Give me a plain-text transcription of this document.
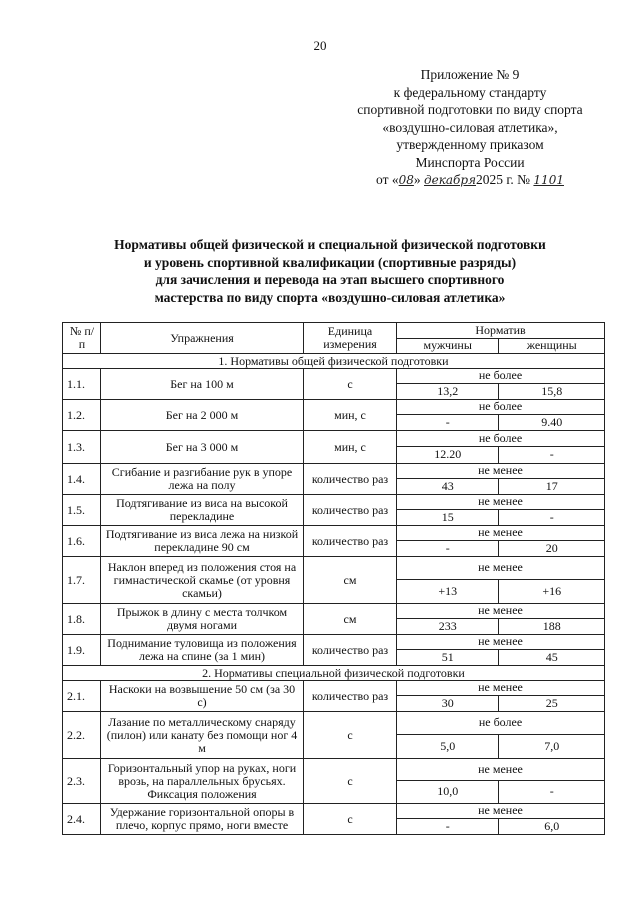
20
Приложение № 9
к федеральному стандарту
спортивной подготовки по виду спорта
«воздушно-силовая атлетика»,
утвержденному приказом
Минспорта России
от «08» декабря2025 г. № 1101
Нормативы общей физической и специальной физической подготовки
и уровень спортивной квалификации (спортивные разряды)
для зачисления и перевода на этап высшего спортивного
мастерства по виду спорта «воздушно-силовая атлетика»
№ п/п	Упражнения	Единица измерения	Норматив	
			мужчины	женщины
1. Нормативы общей физической подготовки				
1.1.	Бег на 100 м	с	не более	
			13,2	15,8
1.2.	Бег на 2 000 м	мин, с	не более	
			-	9.40
1.3.	Бег на 3 000 м	мин, с	не более	
			12.20	-
1.4.	Сгибание и разгибание рук в упоре лежа на полу	количество раз	не менее	
			43	17
1.5.	Подтягивание из виса на высокой перекладине	количество раз	не менее	
			15	-
1.6.	Подтягивание из виса лежа на низкой перекладине 90 см	количество раз	не менее	
			-	20
1.7.	Наклон вперед из положения стоя на гимнастической скамье (от уровня скамьи)	см	не менее	
			+13	+16
1.8.	Прыжок в длину с места толчком двумя ногами	см	не менее	
			233	188
1.9.	Поднимание туловища из положения лежа на спине (за 1 мин)	количество раз	не менее	
			51	45
2. Нормативы специальной физической подготовки				
2.1.	Наскоки на возвышение 50 см (за 30 с)	количество раз	не менее	
			30	25
2.2.	Лазание по металлическому снаряду (пилон) или канату без помощи ног 4 м	с	не более	
			5,0	7,0
2.3.	Горизонтальный упор на руках, ноги врозь, на параллельных брусьях. Фиксация положения	с	не менее	
			10,0	-
2.4.	Удержание горизонтальной опоры в плечо, корпус прямо, ноги вместе	с	не менее	
			-	6,0
